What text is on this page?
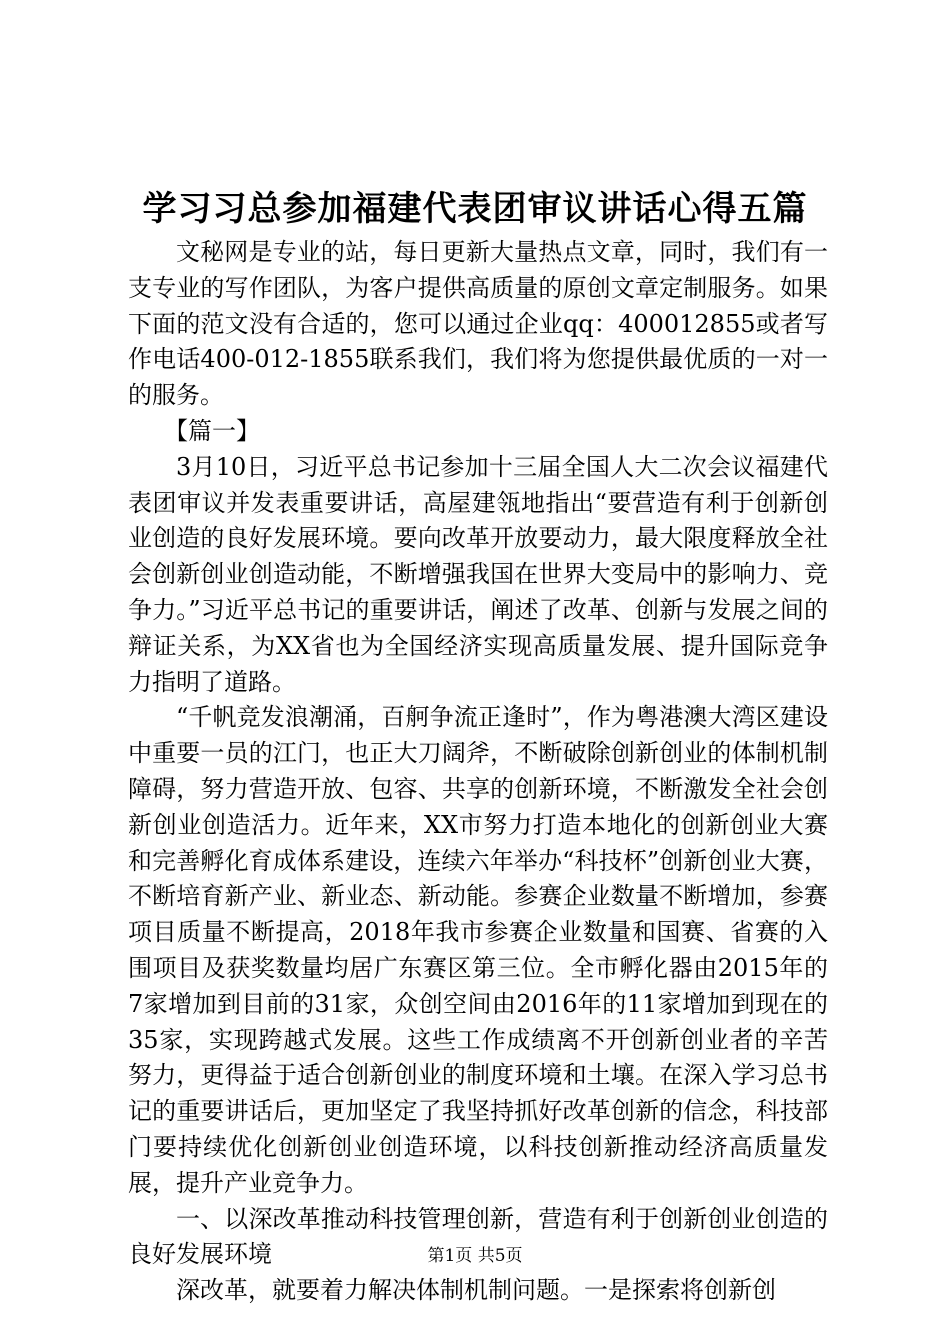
学习习总参加福建代表团审议讲话心得五篇

文秘网是专业的站，每日更新大量热点文章，同时，我们有一支专业的写作团队，为客户提供高质量的原创文章定制服务。如果下面的范文没有合适的，您可以通过企业qq：400012855或者写作电话400-012-1855联系我们，我们将为您提供最优质的一对一的服务。

【篇一】

3月10日，习近平总书记参加十三届全国人大二次会议福建代表团审议并发表重要讲话，高屋建瓴地指出“要营造有利于创新创业创造的良好发展环境。要向改革开放要动力，最大限度释放全社会创新创业创造动能，不断增强我国在世界大变局中的影响力、竞争力。”习近平总书记的重要讲话，阐述了改革、创新与发展之间的辩证关系，为XX省也为全国经济实现高质量发展、提升国际竞争力指明了道路。

“千帆竞发浪潮涌，百舸争流正逢时”，作为粤港澳大湾区建设中重要一员的江门，也正大刀阔斧，不断破除创新创业的体制机制障碍，努力营造开放、包容、共享的创新环境，不断激发全社会创新创业创造活力。近年来，XX市努力打造本地化的创新创业大赛和完善孵化育成体系建设，连续六年举办“科技杯”创新创业大赛，不断培育新产业、新业态、新动能。参赛企业数量不断增加，参赛项目质量不断提高，2018年我市参赛企业数量和国赛、省赛的入围项目及获奖数量均居广东赛区第三位。全市孵化器由2015年的7家增加到目前的31家，众创空间由2016年的11家增加到现在的35家，实现跨越式发展。这些工作成绩离不开创新创业者的辛苦努力，更得益于适合创新创业的制度环境和土壤。在深入学习总书记的重要讲话后，更加坚定了我坚持抓好改革创新的信念，科技部门要持续优化创新创业创造环境，以科技创新推动经济高质量发展，提升产业竞争力。

一、以深改革推动科技管理创新，营造有利于创新创业创造的良好发展环境

深改革，就要着力解决体制机制问题。一是探索将创新创

第1页 共5页
